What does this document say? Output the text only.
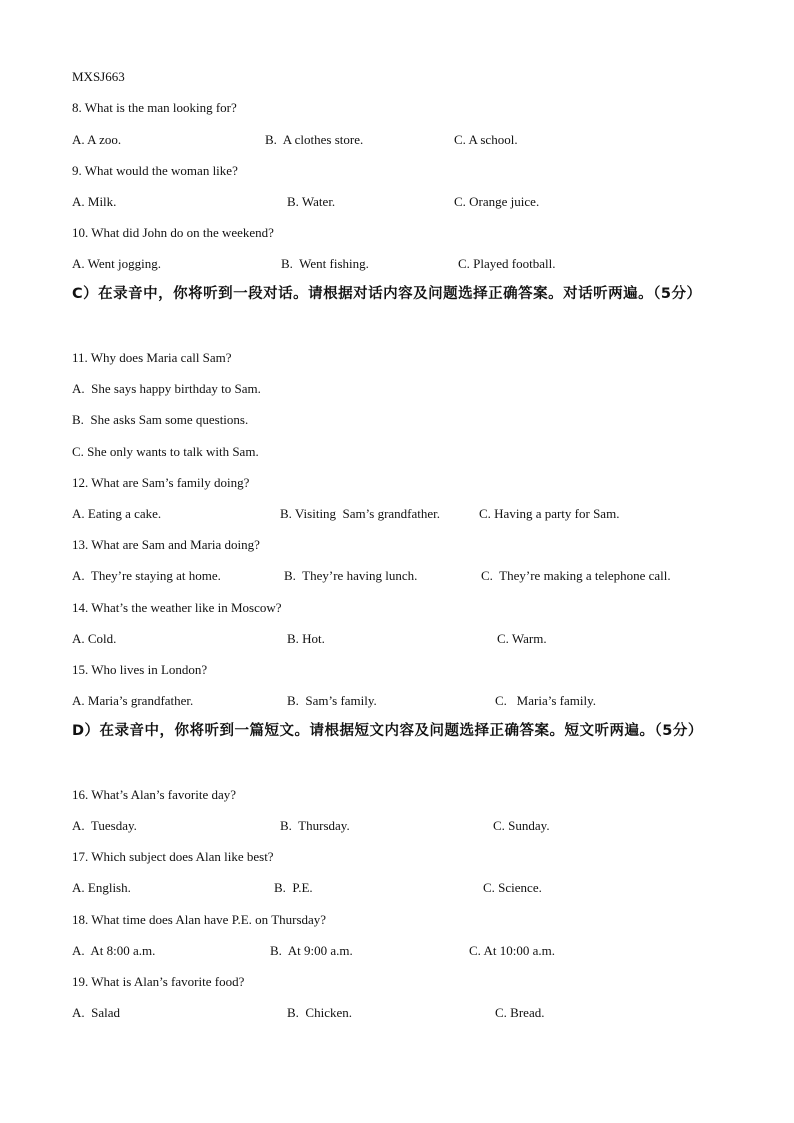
MXSJ663
8. What is the man looking for?
A. A zoo.	B.  A clothes store.	C. A school.
9. What would the woman like?
A. Milk.	B. Water.	C. Orange juice.
10. What did John do on the weekend?
A. Went jogging.	B.  Went fishing.	C. Played football.
C）在录音中，你将听到一段对话。请根据对话内容及问题选择正确答案。对话听两遍。（5分）
11. Why does Maria call Sam?
A.  She says happy birthday to Sam.
B.  She asks Sam some questions.
C. She only wants to talk with Sam.
12. What are Sam’s family doing?
A. Eating a cake.	B. Visiting  Sam’s grandfather.	C. Having a party for Sam.
13. What are Sam and Maria doing?
A.  They’re staying at home.	B.  They’re having lunch.	C.  They’re making a telephone call.
14. What’s the weather like in Moscow?
A. Cold.	B. Hot.	C. Warm.
15. Who lives in London?
A. Maria’s grandfather.	B.  Sam’s family.	C.   Maria’s family.
D）在录音中，你将听到一篇短文。请根据短文内容及问题选择正确答案。短文听两遍。（5分）
16. What’s Alan’s favorite day?
A.  Tuesday.	B.  Thursday.	C. Sunday.
17. Which subject does Alan like best?
A. English.	B.  P.E.	C. Science.
18. What time does Alan have P.E. on Thursday?
A.  At 8:00 a.m.	B.  At 9:00 a.m.	C. At 10:00 a.m.
19. What is Alan’s favorite food?
A.  Salad	B.  Chicken.	C. Bread.
